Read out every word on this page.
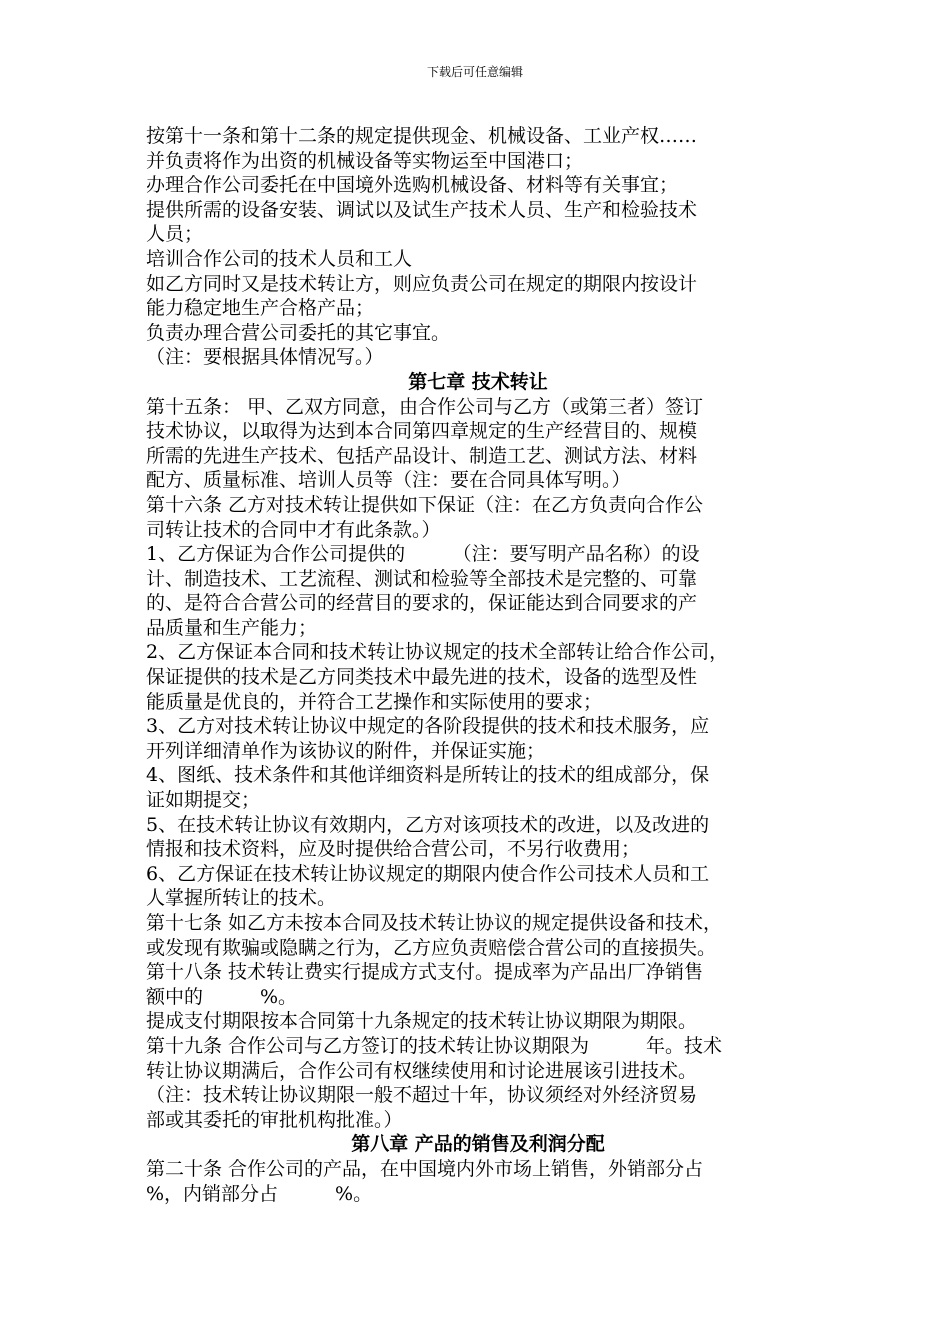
下载后可任意编辑

按第十一条和第十二条的规定提供现金、机械设备、工业产权……

并负责将作为出资的机械设备等实物运至中国港口；

办理合作公司委托在中国境外选购机械设备、材料等有关事宜；

提供所需的设备安装、调试以及试生产技术人员、生产和检验技术

人员；

培训合作公司的技术人员和工人

如乙方同时又是技术转让方，则应负责公司在规定的期限内按设计

能力稳定地生产合格产品；

负责办理合营公司委托的其它事宜。

（注：要根据具体情况写。）

第七章 技术转让

第十五条： 甲、乙双方同意，由合作公司与乙方（或第三者）签订

技术协议，以取得为达到本合同第四章规定的生产经营目的、规模

所需的先进生产技术、包括产品设计、制造工艺、测试方法、材料

配方、质量标准、培训人员等（注：要在合同具体写明。）

第十六条 乙方对技术转让提供如下保证（注：在乙方负责向合作公

司转让技术的合同中才有此条款。）

1、乙方保证为合作公司提供的　　　（注：要写明产品名称）的设

计、制造技术、工艺流程、测试和检验等全部技术是完整的、可靠

的、是符合合营公司的经营目的要求的，保证能达到合同要求的产

品质量和生产能力；

2、乙方保证本合同和技术转让协议规定的技术全部转让给合作公司，

保证提供的技术是乙方同类技术中最先进的技术，设备的选型及性

能质量是优良的，并符合工艺操作和实际使用的要求；

3、乙方对技术转让协议中规定的各阶段提供的技术和技术服务，应

开列详细清单作为该协议的附件，并保证实施；

4、图纸、技术条件和其他详细资料是所转让的技术的组成部分，保

证如期提交；

5、在技术转让协议有效期内，乙方对该项技术的改进，以及改进的

情报和技术资料，应及时提供给合营公司，不另行收费用；

6、乙方保证在技术转让协议规定的期限内使合作公司技术人员和工

人掌握所转让的技术。

第十七条 如乙方未按本合同及技术转让协议的规定提供设备和技术，

或发现有欺骗或隐瞒之行为，乙方应负责赔偿合营公司的直接损失。

第十八条 技术转让费实行提成方式支付。提成率为产品出厂净销售

额中的　　　%。

提成支付期限按本合同第十九条规定的技术转让协议期限为期限。

第十九条 合作公司与乙方签订的技术转让协议期限为　　　年。技术

转让协议期满后，合作公司有权继续使用和讨论进展该引进技术。

（注：技术转让协议期限一般不超过十年，协议须经对外经济贸易

部或其委托的审批机构批准。）

第八章 产品的销售及利润分配

第二十条 合作公司的产品，在中国境内外市场上销售，外销部分占

%，内销部分占　　　%。
